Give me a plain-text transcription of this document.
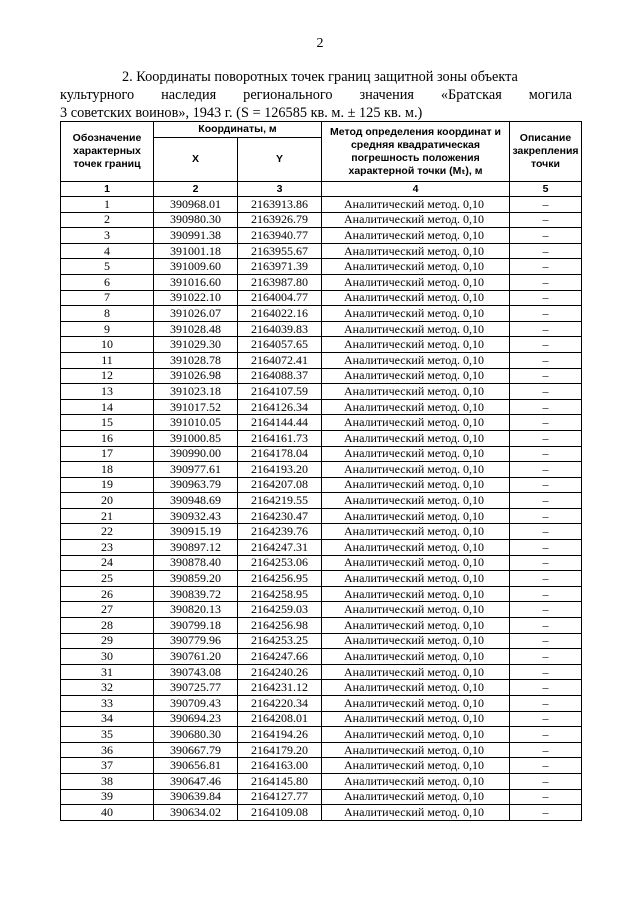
2
2. Координаты поворотных точек границ защитной зоны объекта
культурного наследия регионального значения «Братская могила
3 советских воинов», 1943 г. (S = 126585 кв. м. ± 125 кв. м.)
Обозначение характерных точек границ	Координаты, м		Метод определения координат и средняя квадратическая погрешность положения характерной точки (Mₜ), м	Описание закрепления точки
	X	Y		
1	2	3	4	5
1	390968.01	2163913.86	Аналитический метод. 0,10	–
2	390980.30	2163926.79	Аналитический метод. 0,10	–
3	390991.38	2163940.77	Аналитический метод. 0,10	–
4	391001.18	2163955.67	Аналитический метод. 0,10	–
5	391009.60	2163971.39	Аналитический метод. 0,10	–
6	391016.60	2163987.80	Аналитический метод. 0,10	–
7	391022.10	2164004.77	Аналитический метод. 0,10	–
8	391026.07	2164022.16	Аналитический метод. 0,10	–
9	391028.48	2164039.83	Аналитический метод. 0,10	–
10	391029.30	2164057.65	Аналитический метод. 0,10	–
11	391028.78	2164072.41	Аналитический метод. 0,10	–
12	391026.98	2164088.37	Аналитический метод. 0,10	–
13	391023.18	2164107.59	Аналитический метод. 0,10	–
14	391017.52	2164126.34	Аналитический метод. 0,10	–
15	391010.05	2164144.44	Аналитический метод. 0,10	–
16	391000.85	2164161.73	Аналитический метод. 0,10	–
17	390990.00	2164178.04	Аналитический метод. 0,10	–
18	390977.61	2164193.20	Аналитический метод. 0,10	–
19	390963.79	2164207.08	Аналитический метод. 0,10	–
20	390948.69	2164219.55	Аналитический метод. 0,10	–
21	390932.43	2164230.47	Аналитический метод. 0,10	–
22	390915.19	2164239.76	Аналитический метод. 0,10	–
23	390897.12	2164247.31	Аналитический метод. 0,10	–
24	390878.40	2164253.06	Аналитический метод. 0,10	–
25	390859.20	2164256.95	Аналитический метод. 0,10	–
26	390839.72	2164258.95	Аналитический метод. 0,10	–
27	390820.13	2164259.03	Аналитический метод. 0,10	–
28	390799.18	2164256.98	Аналитический метод. 0,10	–
29	390779.96	2164253.25	Аналитический метод. 0,10	–
30	390761.20	2164247.66	Аналитический метод. 0,10	–
31	390743.08	2164240.26	Аналитический метод. 0,10	–
32	390725.77	2164231.12	Аналитический метод. 0,10	–
33	390709.43	2164220.34	Аналитический метод. 0,10	–
34	390694.23	2164208.01	Аналитический метод. 0,10	–
35	390680.30	2164194.26	Аналитический метод. 0,10	–
36	390667.79	2164179.20	Аналитический метод. 0,10	–
37	390656.81	2164163.00	Аналитический метод. 0,10	–
38	390647.46	2164145.80	Аналитический метод. 0,10	–
39	390639.84	2164127.77	Аналитический метод. 0,10	–
40	390634.02	2164109.08	Аналитический метод. 0,10	–
